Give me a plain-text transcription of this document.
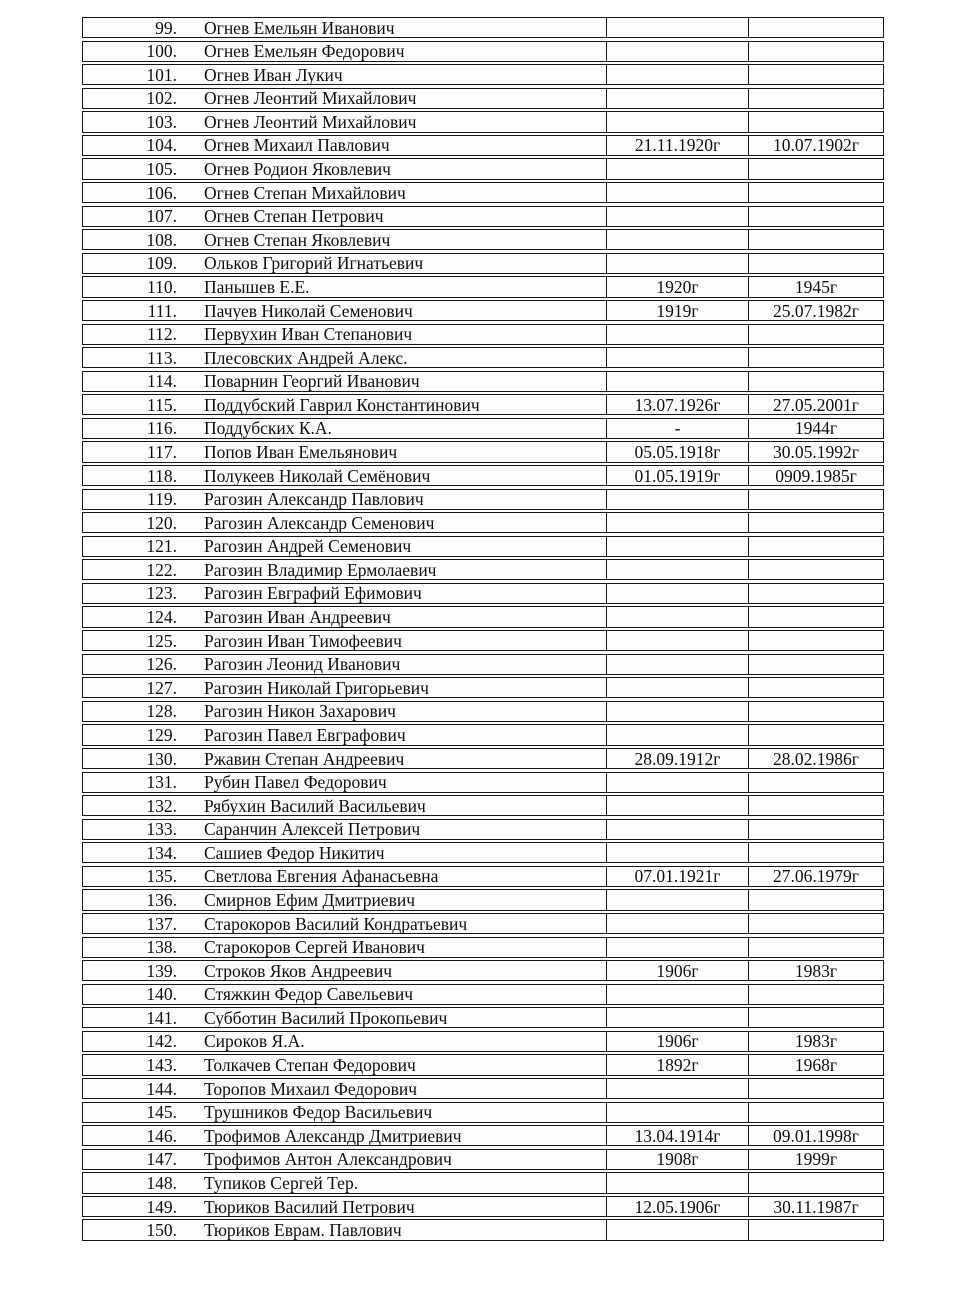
99. Огнев Емельян Иванович
100. Огнев Емельян Федорович
101. Огнев Иван Лукич
102. Огнев Леонтий Михайлович
103. Огнев Леонтий Михайлович
104. Огнев Михаил Павлович	21.11.1920г	10.07.1902г
105. Огнев Родион Яковлевич
106. Огнев Степан Михайлович
107. Огнев Степан Петрович
108. Огнев Степан Яковлевич
109. Ольков Григорий Игнатьевич
110. Панышев Е.Е.	1920г	1945г
111. Пачуев Николай Семенович	1919г	25.07.1982г
112. Первухин Иван Степанович
113. Плесовских Андрей Алекс.
114. Поварнин Георгий Иванович
115. Поддубский Гаврил Константинович	13.07.1926г	27.05.2001г
116. Поддубских К.А.	-	1944г
117. Попов Иван Емельянович	05.05.1918г	30.05.1992г
118. Полукеев Николай Семёнович	01.05.1919г	0909.1985г
119. Рагозин Александр Павлович
120. Рагозин Александр Семенович
121. Рагозин Андрей Семенович
122. Рагозин Владимир Ермолаевич
123. Рагозин Евграфий Ефимович
124. Рагозин Иван Андреевич
125. Рагозин Иван Тимофеевич
126. Рагозин Леонид Иванович
127. Рагозин Николай Григорьевич
128. Рагозин Никон Захарович
129. Рагозин Павел Евграфович
130. Ржавин Степан Андреевич	28.09.1912г	28.02.1986г
131. Рубин Павел Федорович
132. Рябухин Василий Васильевич
133. Саранчин Алексей Петрович
134. Сашиев Федор Никитич
135. Светлова Евгения Афанасьевна	07.01.1921г	27.06.1979г
136. Смирнов Ефим Дмитриевич
137. Старокоров Василий Кондратьевич
138. Старокоров Сергей Иванович
139. Строков Яков Андреевич	1906г	1983г
140. Стяжкин Федор Савельевич
141. Субботин Василий Прокопьевич
142. Сироков Я.А.	1906г	1983г
143. Толкачев Степан Федорович	1892г	1968г
144. Торопов Михаил Федорович
145. Трушников Федор Васильевич
146. Трофимов Александр Дмитриевич	13.04.1914г	09.01.1998г
147. Трофимов Антон Александрович	1908г	1999г
148. Тупиков Сергей Тер.
149. Тюриков Василий Петрович	12.05.1906г	30.11.1987г
150. Тюриков Еврам. Павлович
